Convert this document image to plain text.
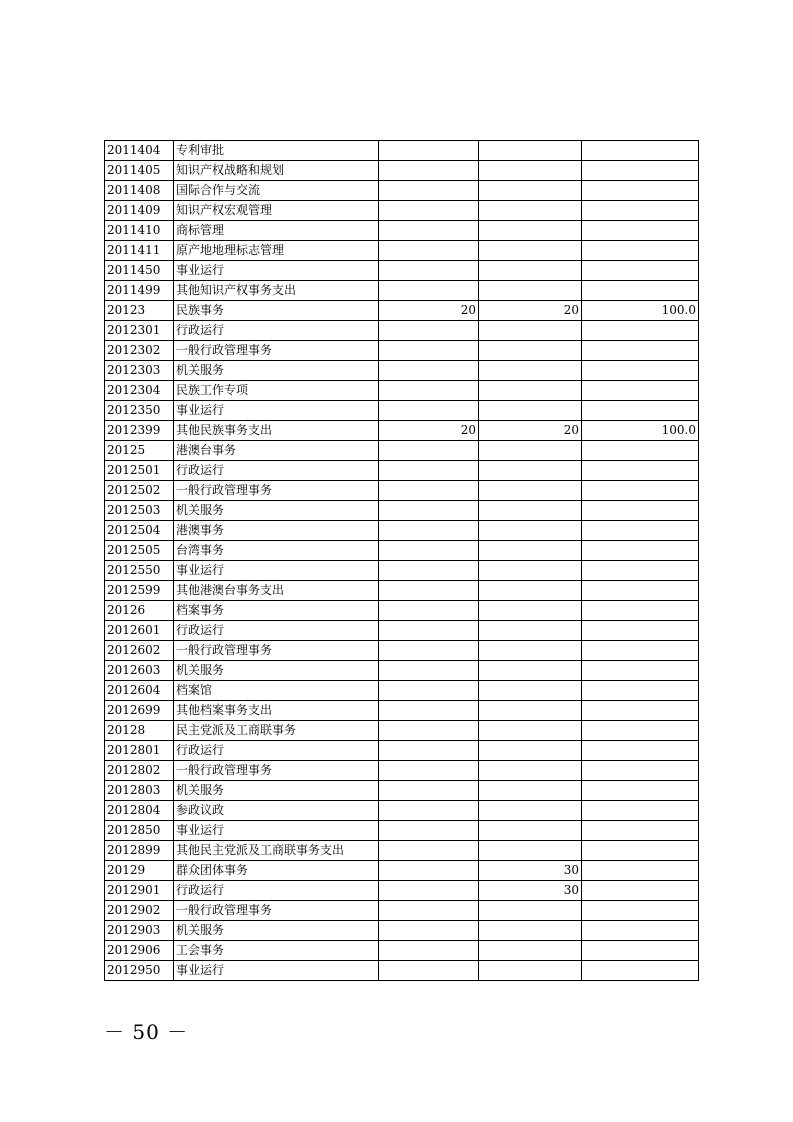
2011404	专利审批			
2011405	知识产权战略和规划			
2011408	国际合作与交流			
2011409	知识产权宏观管理			
2011410	商标管理			
2011411	原产地地理标志管理			
2011450	事业运行			
2011499	其他知识产权事务支出			
20123	民族事务	20	20	100.0
2012301	行政运行			
2012302	一般行政管理事务			
2012303	机关服务			
2012304	民族工作专项			
2012350	事业运行			
2012399	其他民族事务支出	20	20	100.0
20125	港澳台事务			
2012501	行政运行			
2012502	一般行政管理事务			
2012503	机关服务			
2012504	港澳事务			
2012505	台湾事务			
2012550	事业运行			
2012599	其他港澳台事务支出			
20126	档案事务			
2012601	行政运行			
2012602	一般行政管理事务			
2012603	机关服务			
2012604	档案馆			
2012699	其他档案事务支出			
20128	民主党派及工商联事务			
2012801	行政运行			
2012802	一般行政管理事务			
2012803	机关服务			
2012804	参政议政			
2012850	事业运行			
2012899	其他民主党派及工商联事务支出			
20129	群众团体事务		30	
2012901	行政运行		30	
2012902	一般行政管理事务			
2012903	机关服务			
2012906	工会事务			
2012950	事业运行			
－ 50 －
